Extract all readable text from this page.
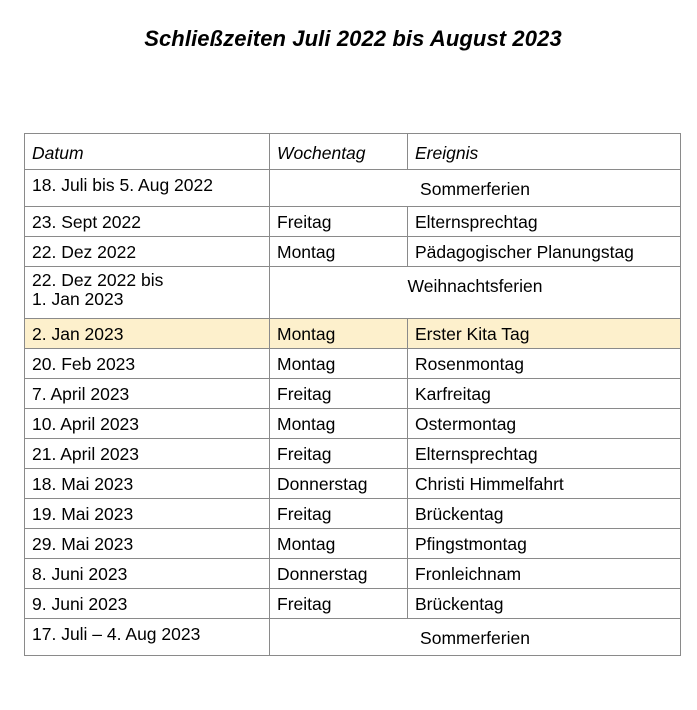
Schließzeiten Juli 2022 bis August 2023
Datum	Wochentag	Ereignis
18. Juli bis 5. Aug 2022	Sommerferien	
23. Sept 2022	Freitag	Elternsprechtag
22. Dez 2022	Montag	Pädagogischer Planungstag
22. Dez 2022 bis
1. Jan 2023	Weihnachtsferien	
2. Jan 2023	Montag	Erster Kita Tag
20. Feb 2023	Montag	Rosenmontag
7. April 2023	Freitag	Karfreitag
10. April 2023	Montag	Ostermontag
21. April 2023	Freitag	Elternsprechtag
18. Mai 2023	Donnerstag	Christi Himmelfahrt
19. Mai 2023	Freitag	Brückentag
29. Mai 2023	Montag	Pfingstmontag
8. Juni 2023	Donnerstag	Fronleichnam
9. Juni 2023	Freitag	Brückentag
17. Juli – 4. Aug 2023	Sommerferien	
